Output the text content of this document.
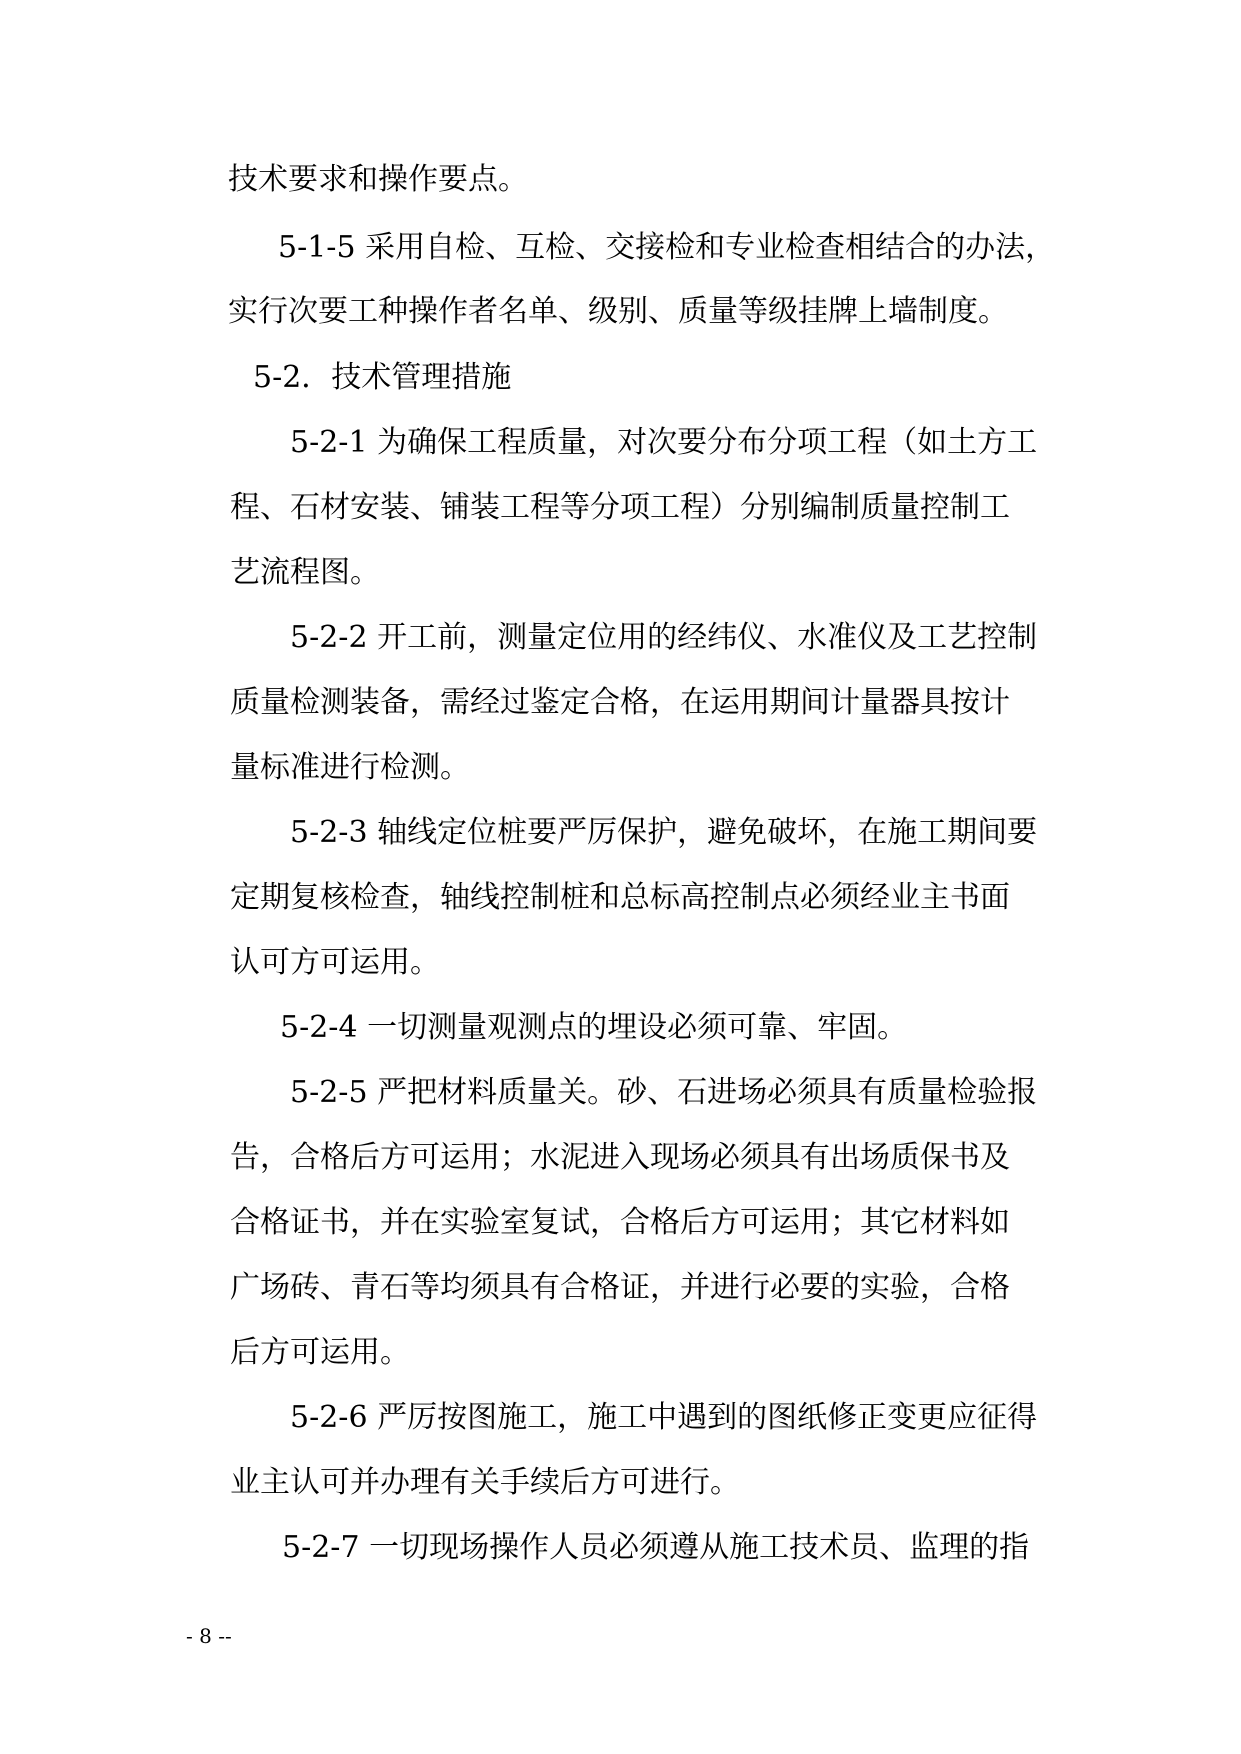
技术要求和操作要点。

5-1-5 采用自检、互检、交接检和专业检查相结合的办法，

实行次要工种操作者名单、级别、质量等级挂牌上墙制度。

5-2．技术管理措施

5-2-1 为确保工程质量，对次要分布分项工程（如土方工

程、石材安装、铺装工程等分项工程）分别编制质量控制工

艺流程图。

5-2-2 开工前，测量定位用的经纬仪、水准仪及工艺控制

质量检测装备，需经过鉴定合格，在运用期间计量器具按计

量标准进行检测。

5-2-3 轴线定位桩要严厉保护，避免破坏，在施工期间要

定期复核检查，轴线控制桩和总标高控制点必须经业主书面

认可方可运用。

5-2-4 一切测量观测点的埋设必须可靠、牢固。

5-2-5 严把材料质量关。砂、石进场必须具有质量检验报

告，合格后方可运用；水泥进入现场必须具有出场质保书及

合格证书，并在实验室复试，合格后方可运用；其它材料如

广场砖、青石等均须具有合格证，并进行必要的实验，合格

后方可运用。

5-2-6 严厉按图施工，施工中遇到的图纸修正变更应征得

业主认可并办理有关手续后方可进行。

5-2-7 一切现场操作人员必须遵从施工技术员、监理的指

- 8 --
